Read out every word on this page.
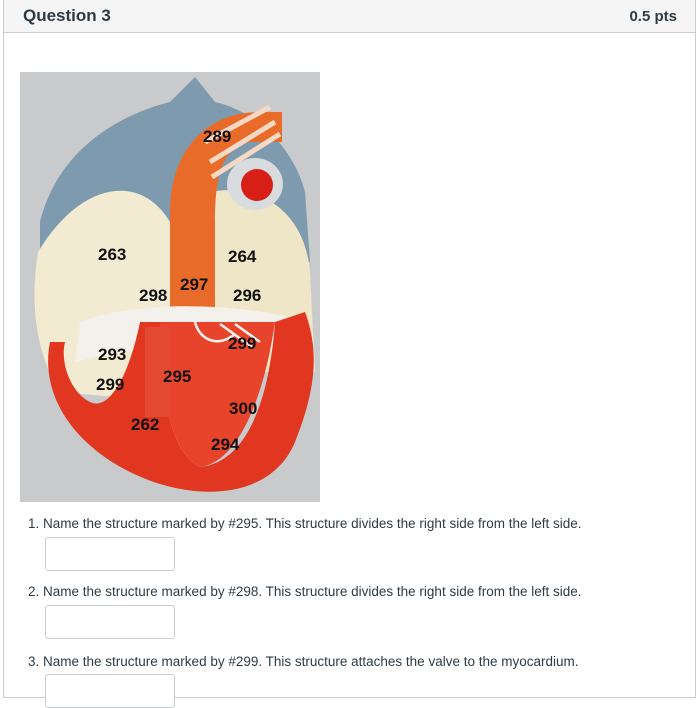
Question 3	0.5 pts
289
263	264
297
298	296
299
293
299 295
300
262
294
1. Name the structure marked by #295. This structure divides the right side from the left side.
2. Name the structure marked by #298. This structure divides the right side from the left side.
3. Name the structure marked by #299. This structure attaches the valve to the myocardium.
